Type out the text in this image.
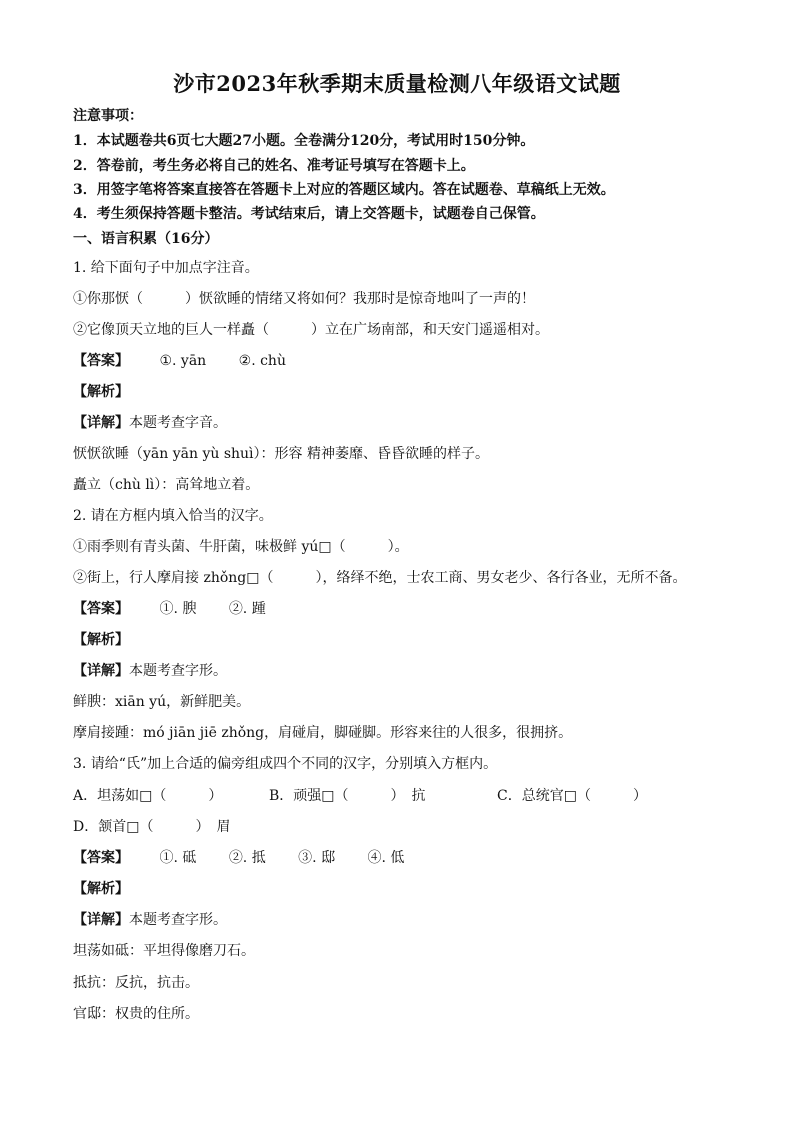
沙市2023年秋季期末质量检测八年级语文试题
注意事项：
1．本试题卷共6页七大题27小题。全卷满分120分，考试用时150分钟。
2．答卷前，考生务必将自己的姓名、准考证号填写在答题卡上。
3．用签字笔将答案直接答在答题卡上对应的答题区域内。答在试题卷、草稿纸上无效。
4．考生须保持答题卡整洁。考试结束后，请上交答题卡，试题卷自己保管。
一、语言积累（16分）
1. 给下面句子中加点字注音。
①你那恹（　　　）恹欲睡的情绪又将如何？我那时是惊奇地叫了一声的！
②它像顶天立地的巨人一样矗（　　　）立在广场南部，和天安门遥遥相对。
【答案】 ①. yān ②. chù
【解析】
【详解】本题考查字音。
恹恹欲睡（yān yān yù shuì）：形容 精神萎靡、昏昏欲睡的样子。
矗立（chù lì）：高耸地立着。
2. 请在方框内填入恰当的汉字。
①雨季则有青头菌、牛肝菌，味极鲜 yú□（　　　）。
②街上，行人摩肩接 zhǒng□（　　　），络绎不绝，士农工商、男女老少、各行各业，无所不备。
【答案】 ①. 腴 ②. 踵
【解析】
【详解】本题考查字形。
鲜腴：xiān yú，新鲜肥美。
摩肩接踵：mó jiān jiē zhǒng，肩碰肩，脚碰脚。形容来往的人很多，很拥挤。
3. 请给“氏”加上合适的偏旁组成四个不同的汉字，分别填入方框内。
A．坦荡如□（　　　）	B．顽强□（　　　）　抗	C．总统官□（　　　）
D．颔首□（　　　）　眉
【答案】 ①. 砥 ②. 抵 ③. 邸 ④. 低
【解析】
【详解】本题考查字形。
坦荡如砥：平坦得像磨刀石。
抵抗：反抗，抗击。
官邸：权贵的住所。
